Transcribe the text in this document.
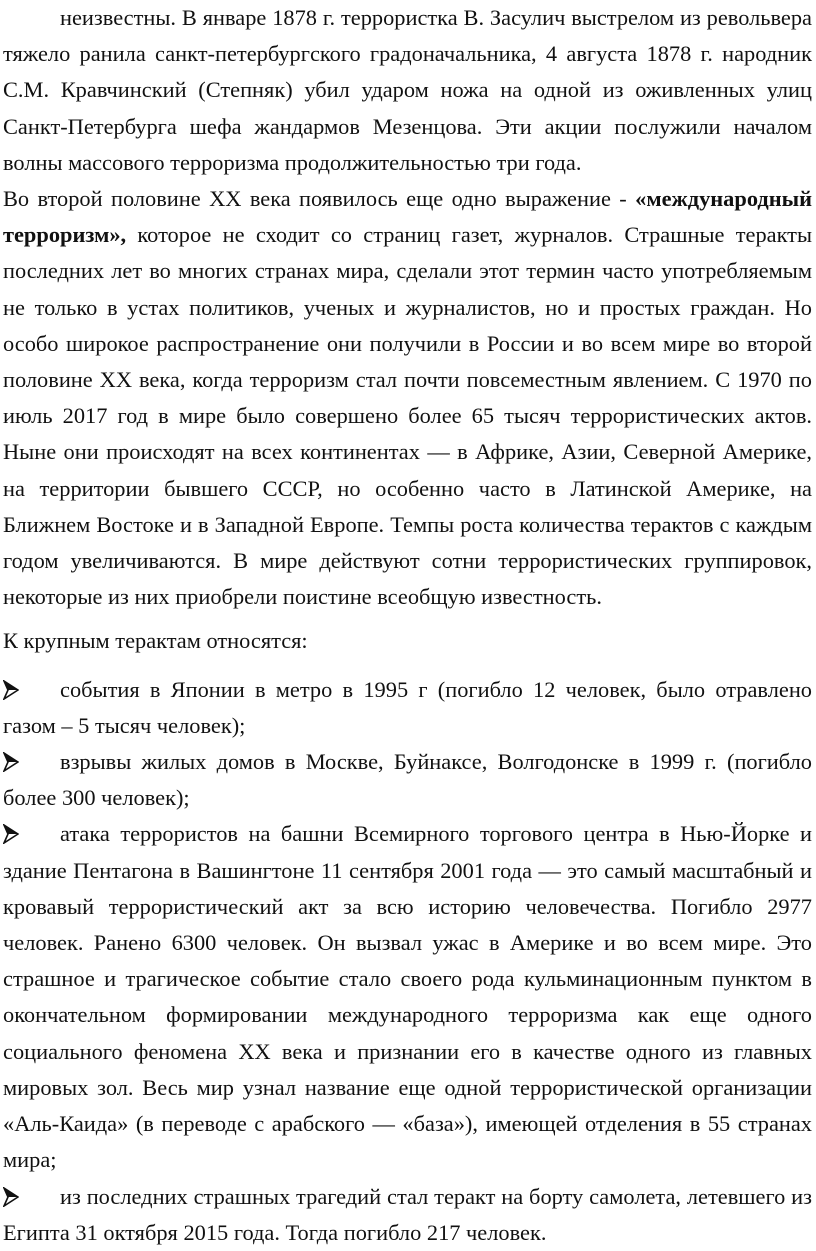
неизвестны. В январе 1878 г. террористка В. Засулич выстрелом из револьвера тяжело ранила санкт-петербургского градоначальника, 4 августа 1878 г. народник С.М. Кравчинский (Степняк) убил ударом ножа на одной из оживленных улиц Санкт-Петербурга шефа жандармов Мезенцова. Эти акции послужили началом волны массового терроризма продолжительностью три года.

Во второй половине XX века появилось еще одно выражение - «международный терроризм», которое не сходит со страниц газет, журналов. Страшные теракты последних лет во многих странах мира, сделали этот термин часто употребляемым не только в устах политиков, ученых и журналистов, но и простых граждан. Но особо широкое распространение они получили в России и во всем мире во второй половине XX века, когда терроризм стал почти повсеместным явлением. С 1970 по июль 2017 год в мире было совершено более 65 тысяч террористических актов. Ныне они происходят на всех континентах — в Африке, Азии, Северной Америке, на территории бывшего СССР, но особенно часто в Латинской Америке, на Ближнем Востоке и в Западной Европе. Темпы роста количества терактов с каждым годом увеличиваются. В мире действуют сотни террористических группировок, некоторые из них приобрели поистине всеобщую известность.

К крупным терактам относятся:

события в Японии в метро в 1995 г (погибло 12 человек, было отравлено газом – 5 тысяч человек);

взрывы жилых домов в Москве, Буйнаксе, Волгодонске в 1999 г. (погибло более 300 человек);

атака террористов на башни Всемирного торгового центра в Нью-Йорке и здание Пентагона в Вашингтоне 11 сентября 2001 года — это самый масштабный и кровавый террористический акт за всю историю человечества. Погибло 2977 человек. Ранено 6300 человек. Он вызвал ужас в Америке и во всем мире. Это страшное и трагическое событие стало своего рода кульминационным пунктом в окончательном формировании международного терроризма как еще одного социального феномена XX века и признании его в качестве одного из главных мировых зол. Весь мир узнал название еще одной террористической организации «Аль-Каида» (в переводе с арабского — «база»), имеющей отделения в 55 странах мира;

из последних страшных трагедий стал теракт на борту самолета, летевшего из Египта 31 октября 2015 года. Тогда погибло 217 человек.
